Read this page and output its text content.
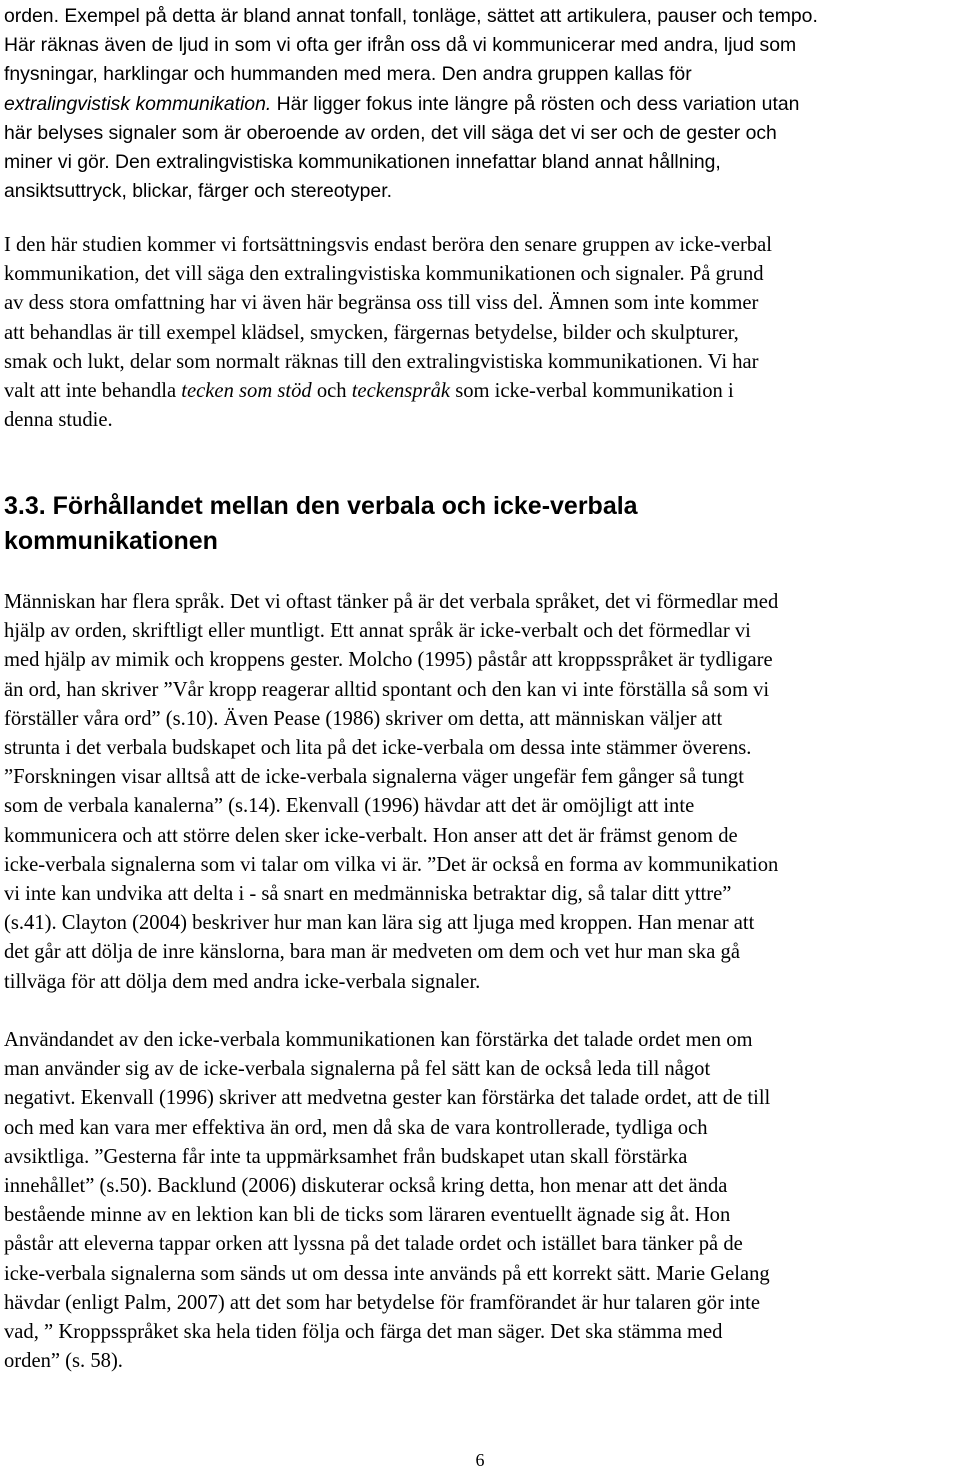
orden. Exempel på detta är bland annat tonfall, tonläge, sättet att artikulera, pauser och tempo.
Här räknas även de ljud in som vi ofta ger ifrån oss då vi kommunicerar med andra, ljud som
fnysningar, harklingar och hummanden med mera. Den andra gruppen kallas för
extralingvistisk kommunikation. Här ligger fokus inte längre på rösten och dess variation utan
här belyses signaler som är oberoende av orden, det vill säga det vi ser och de gester och
miner vi gör. Den extralingvistiska kommunikationen innefattar bland annat hållning,
ansiktsuttryck, blickar, färger och stereotyper.

I den här studien kommer vi fortsättningsvis endast beröra den senare gruppen av icke-verbal
kommunikation, det vill säga den extralingvistiska kommunikationen och signaler. På grund
av dess stora omfattning har vi även här begränsa oss till viss del. Ämnen som inte kommer
att behandlas är till exempel klädsel, smycken, färgernas betydelse, bilder och skulpturer,
smak och lukt, delar som normalt räknas till den extralingvistiska kommunikationen. Vi har
valt att inte behandla tecken som stöd och teckenspråk som icke-verbal kommunikation i
denna studie.

3.3. Förhållandet mellan den verbala och icke-verbala
kommunikationen

Människan har flera språk. Det vi oftast tänker på är det verbala språket, det vi förmedlar med
hjälp av orden, skriftligt eller muntligt. Ett annat språk är icke-verbalt och det förmedlar vi
med hjälp av mimik och kroppens gester. Molcho (1995) påstår att kroppsspråket är tydligare
än ord, han skriver ”Vår kropp reagerar alltid spontant och den kan vi inte förställa så som vi
förställer våra ord” (s.10). Även Pease (1986) skriver om detta, att människan väljer att
strunta i det verbala budskapet och lita på det icke-verbala om dessa inte stämmer överens.
”Forskningen visar alltså att de icke-verbala signalerna väger ungefär fem gånger så tungt
som de verbala kanalerna” (s.14). Ekenvall (1996) hävdar att det är omöjligt att inte
kommunicera och att större delen sker icke-verbalt. Hon anser att det är främst genom de
icke-verbala signalerna som vi talar om vilka vi är. ”Det är också en forma av kommunikation
vi inte kan undvika att delta i - så snart en medmänniska betraktar dig, så talar ditt yttre”
(s.41). Clayton (2004) beskriver hur man kan lära sig att ljuga med kroppen. Han menar att
det går att dölja de inre känslorna, bara man är medveten om dem och vet hur man ska gå
tillväga för att dölja dem med andra icke-verbala signaler.

Användandet av den icke-verbala kommunikationen kan förstärka det talade ordet men om
man använder sig av de icke-verbala signalerna på fel sätt kan de också leda till något
negativt. Ekenvall (1996) skriver att medvetna gester kan förstärka det talade ordet, att de till
och med kan vara mer effektiva än ord, men då ska de vara kontrollerade, tydliga och
avsiktliga. ”Gesterna får inte ta uppmärksamhet från budskapet utan skall förstärka
innehållet” (s.50). Backlund (2006) diskuterar också kring detta, hon menar att det ända
bestående minne av en lektion kan bli de ticks som läraren eventuellt ägnade sig åt. Hon
påstår att eleverna tappar orken att lyssna på det talade ordet och istället bara tänker på de
icke-verbala signalerna som sänds ut om dessa inte används på ett korrekt sätt. Marie Gelang
hävdar (enligt Palm, 2007) att det som har betydelse för framförandet är hur talaren gör inte
vad, ” Kroppsspråket ska hela tiden följa och färga det man säger. Det ska stämma med
orden” (s. 58).

6
